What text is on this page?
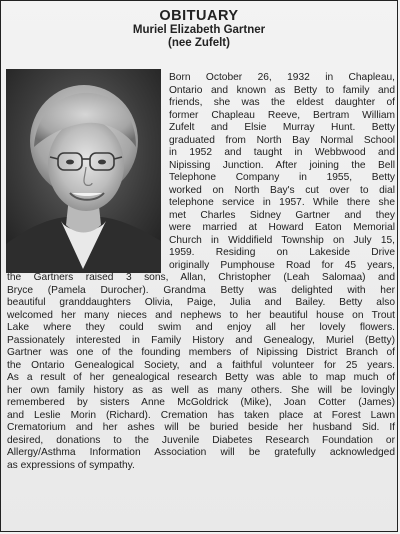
OBITUARY
Muriel Elizabeth Gartner
(nee Zufelt)
Born October 26, 1932 in Chapleau,
Ontario and known as Betty to family and
friends, she was the eldest daughter of
former Chapleau Reeve, Bertram William
Zufelt and Elsie Murray Hunt. Betty
graduated from North Bay Normal School
in 1952 and taught in Webbwood and
Nipissing Junction. After joining the Bell
Telephone Company in 1955, Betty
worked on North Bay's cut over to dial
telephone service in 1957. While there she
met Charles Sidney Gartner and they
were married at Howard Eaton Memorial
Church in Widdifield Township on July 15,
1959. Residing on Lakeside Drive
originally Pumphouse Road for 45 years,
the Gartners raised 3 sons, Allan, Christopher (Leah Salomaa) and
Bryce (Pamela Durocher). Grandma Betty was delighted with her
beautiful granddaughters Olivia, Paige, Julia and Bailey. Betty also
welcomed her many nieces and nephews to her beautiful house on Trout
Lake where they could swim and enjoy all her lovely flowers.
Passionately interested in Family History and Genealogy, Muriel (Betty)
Gartner was one of the founding members of Nipissing District Branch of
the Ontario Genealogical Society, and a faithful volunteer for 25 years.
As a result of her genealogical research Betty was able to map much of
her own family history as as well as many others. She will be lovingly
remembered by sisters Anne McGoldrick (Mike), Joan Cotter (James)
and Leslie Morin (Richard). Cremation has taken place at Forest Lawn
Crematorium and her ashes will be buried beside her husband Sid. If
desired, donations to the Juvenile Diabetes Research Foundation or
Allergy/Asthma Information Association will be gratefully acknowledged
as expressions of sympathy.
